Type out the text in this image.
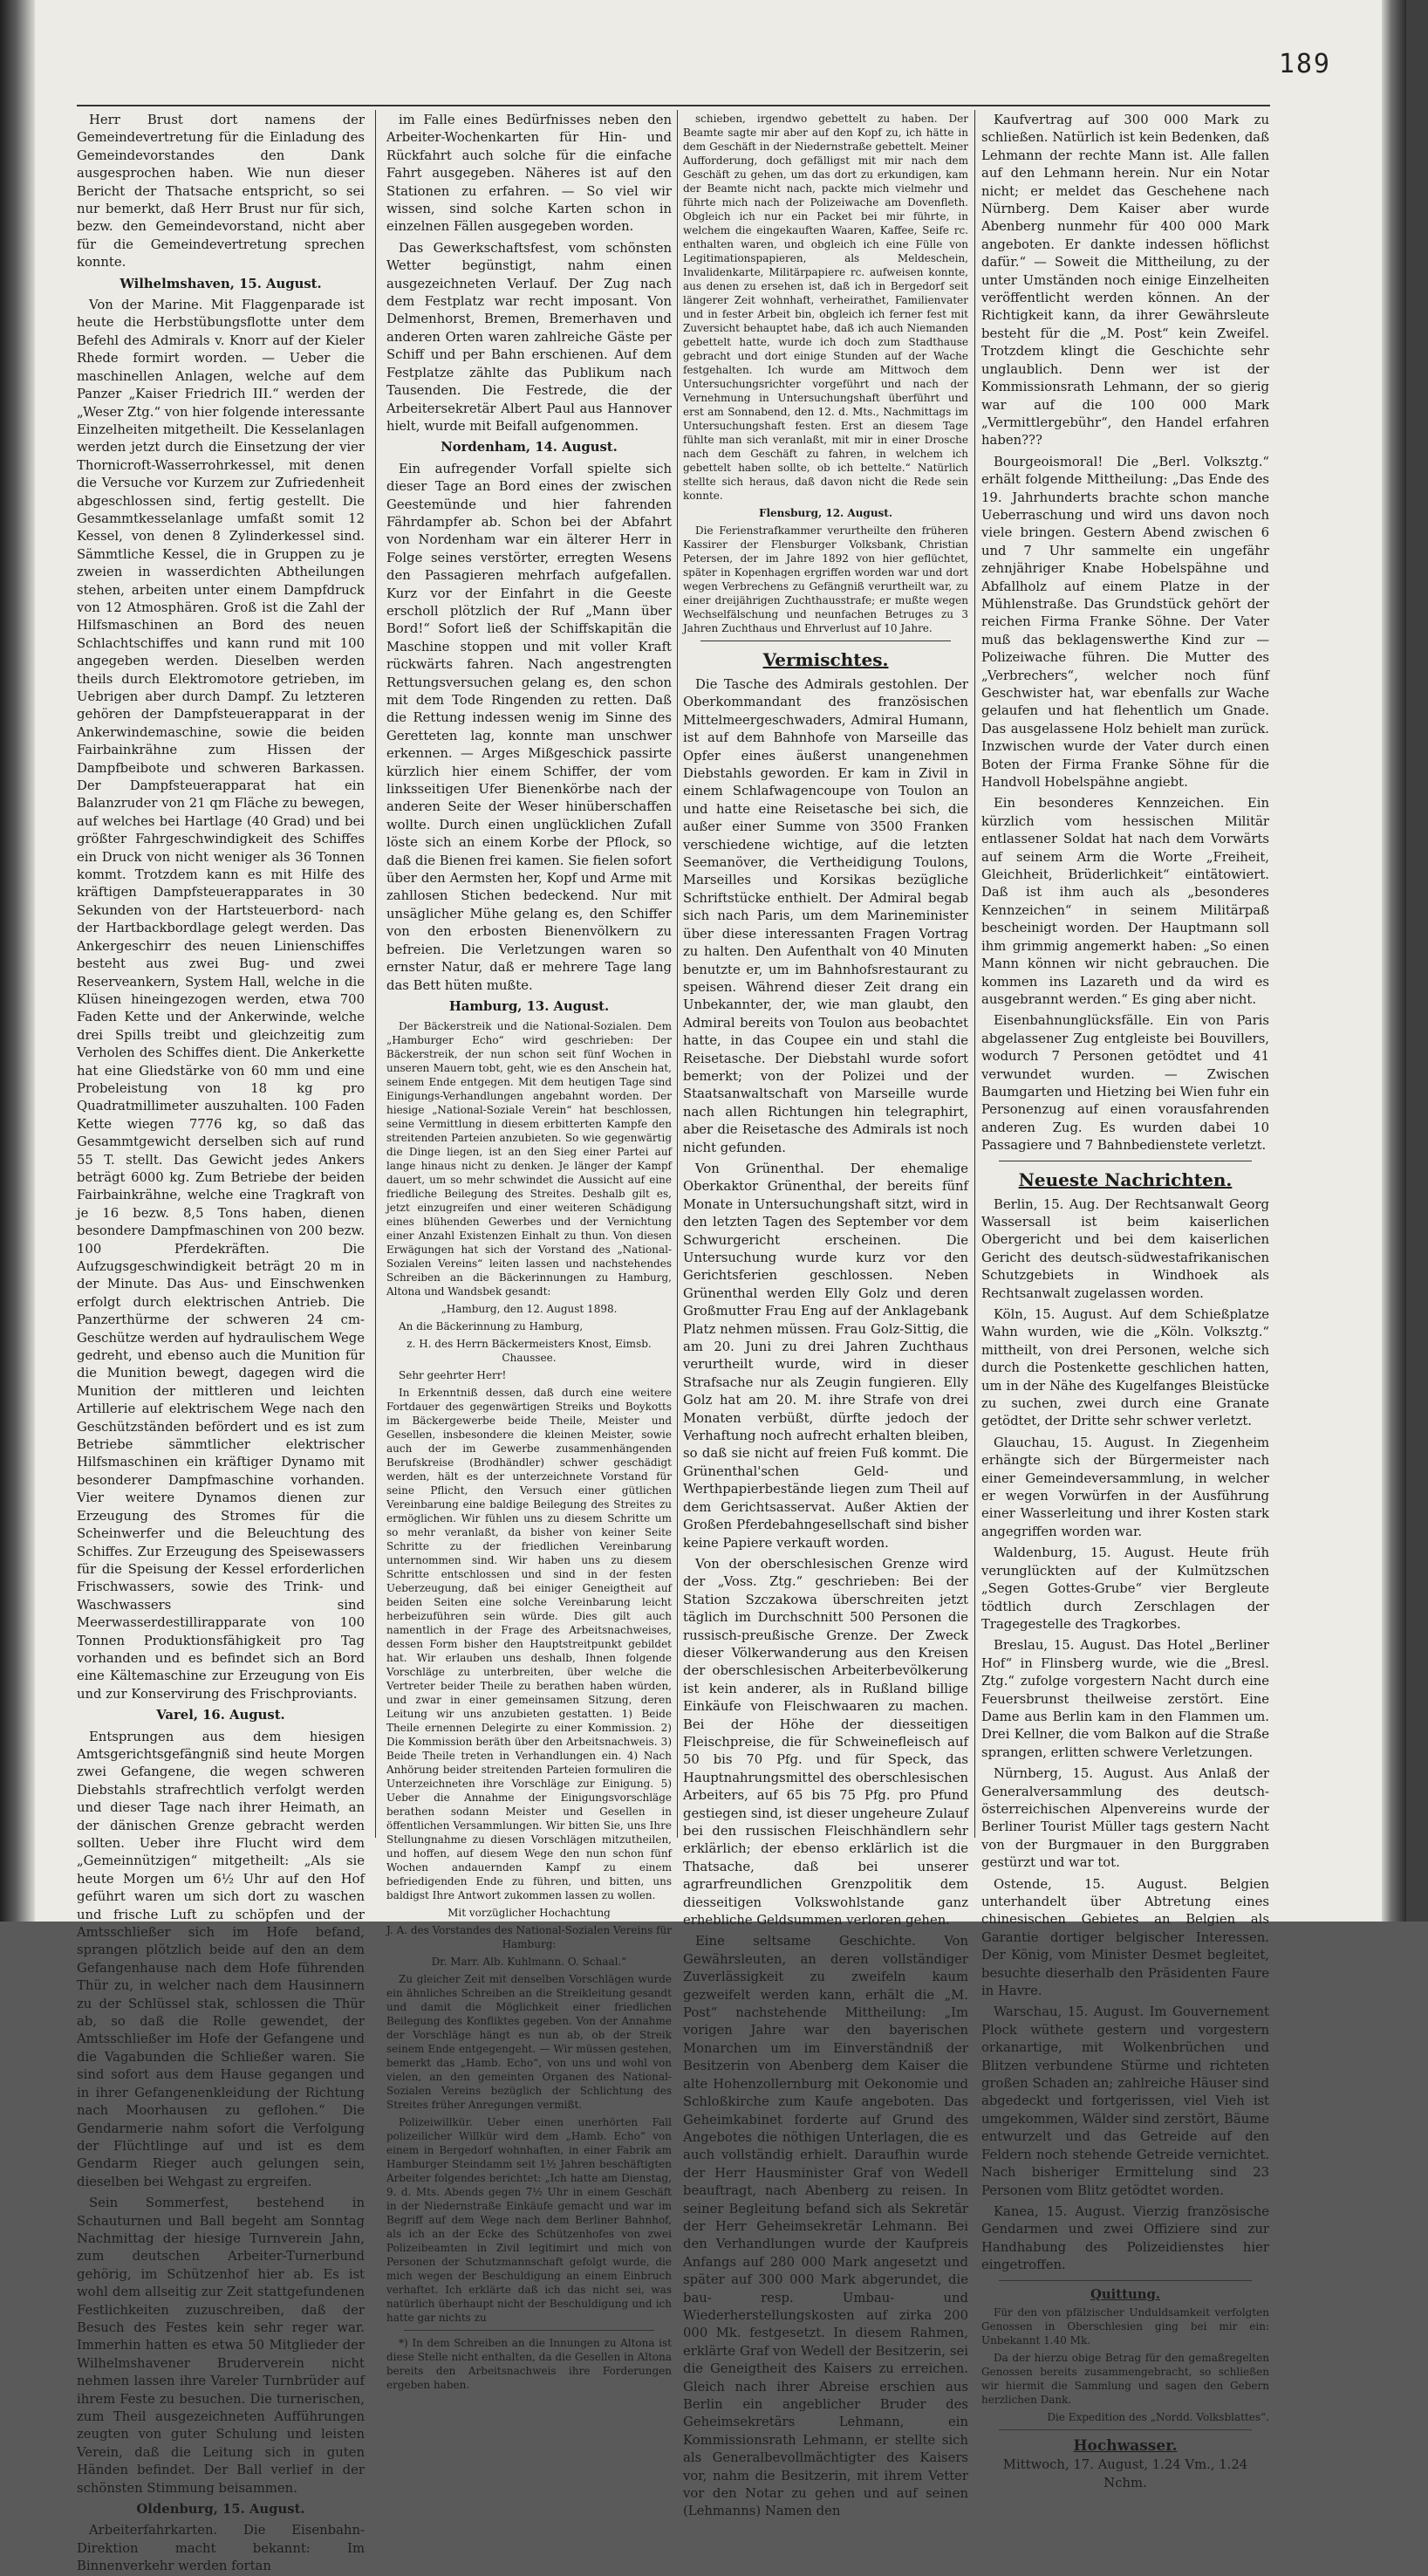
189

Herr Brust dort namens der Gemeindevertretung für die Einladung des Gemeindevorstandes den Dank ausgesprochen haben. Wie nun dieser Bericht der Thatsache entspricht, so sei nur bemerkt, daß Herr Brust nur für sich, bezw. den Gemeindevorstand, nicht aber für die Gemeindevertretung sprechen konnte.

Wilhelmshaven, 15. August.

Von der Marine. Mit Flaggenparade ist heute die Herbstübungsflotte unter dem Befehl des Admirals v. Knorr auf der Kieler Rhede formirt worden. — Ueber die maschinellen Anlagen, welche auf dem Panzer „Kaiser Friedrich III.“ werden der „Weser Ztg.“ von hier folgende interessante Einzelheiten mitgetheilt. Die Kesselanlagen werden jetzt durch die Einsetzung der vier Thornicroft-Wasserrohrkessel, mit denen die Versuche vor Kurzem zur Zufriedenheit abgeschlossen sind, fertig gestellt. Die Gesammtkesselanlage umfaßt somit 12 Kessel, von denen 8 Zylinderkessel sind. Sämmtliche Kessel, die in Gruppen zu je zweien in wasserdichten Abtheilungen stehen, arbeiten unter einem Dampfdruck von 12 Atmosphären. Groß ist die Zahl der Hilfsmaschinen an Bord des neuen Schlachtschiffes und kann rund mit 100 angegeben werden. Dieselben werden theils durch Elektromotore getrieben, im Uebrigen aber durch Dampf. Zu letzteren gehören der Dampfsteuerapparat in der Ankerwindemaschine, sowie die beiden Fairbainkrähne zum Hissen der Dampfbeibote und schweren Barkassen. Der Dampfsteuerapparat hat ein Balanzruder von 21 qm Fläche zu bewegen, auf welches bei Hartlage (40 Grad) und bei größter Fahrgeschwindigkeit des Schiffes ein Druck von nicht weniger als 36 Tonnen kommt. Trotzdem kann es mit Hilfe des kräftigen Dampfsteuerapparates in 30 Sekunden von der Hartsteuerbord- nach der Hartbackbordlage gelegt werden. Das Ankergeschirr des neuen Linienschiffes besteht aus zwei Bug- und zwei Reserveankern, System Hall, welche in die Klüsen hineingezogen werden, etwa 700 Faden Kette und der Ankerwinde, welche drei Spills treibt und gleichzeitig zum Verholen des Schiffes dient. Die Ankerkette hat eine Gliedstärke von 60 mm und eine Probeleistung von 18 kg pro Quadratmillimeter auszuhalten. 100 Faden Kette wiegen 7776 kg, so daß das Gesammtgewicht derselben sich auf rund 55 T. stellt. Das Gewicht jedes Ankers beträgt 6000 kg. Zum Betriebe der beiden Fairbainkrähne, welche eine Tragkraft von je 16 bezw. 8,5 Tons haben, dienen besondere Dampfmaschinen von 200 bezw. 100 Pferdekräften. Die Aufzugsgeschwindigkeit beträgt 20 m in der Minute. Das Aus- und Einschwenken erfolgt durch elektrischen Antrieb. Die Panzerthürme der schweren 24 cm-Geschütze werden auf hydraulischem Wege gedreht, und ebenso auch die Munition für die Munition bewegt, dagegen wird die Munition der mittleren und leichten Artillerie auf elektrischem Wege nach den Geschützständen befördert und es ist zum Betriebe sämmtlicher elektrischer Hilfsmaschinen ein kräftiger Dynamo mit besonderer Dampfmaschine vorhanden. Vier weitere Dynamos dienen zur Erzeugung des Stromes für die Scheinwerfer und die Beleuchtung des Schiffes. Zur Erzeugung des Speisewassers für die Speisung der Kessel erforderlichen Frischwassers, sowie des Trink- und Waschwassers sind Meerwasserdestillirapparate von 100 Tonnen Produktionsfähigkeit pro Tag vorhanden und es befindet sich an Bord eine Kältemaschine zur Erzeugung von Eis und zur Konservirung des Frischproviants.

Varel, 16. August.

Entsprungen aus dem hiesigen Amtsgerichtsgefängniß sind heute Morgen zwei Gefangene, die wegen schweren Diebstahls strafrechtlich verfolgt werden und dieser Tage nach ihrer Heimath, an der dänischen Grenze gebracht werden sollten. Ueber ihre Flucht wird dem „Gemeinnützigen“ mitgetheilt: „Als sie heute Morgen um 6½ Uhr auf den Hof geführt waren um sich dort zu waschen und frische Luft zu schöpfen und der Amtsschließer sich im Hofe befand, sprangen plötzlich beide auf den an dem Gefangenhause nach dem Hofe führenden Thür zu, in welcher nach dem Hausinnern zu der Schlüssel stak, schlossen die Thür ab, so daß die Rolle gewendet, der Amtsschließer im Hofe der Gefangene und die Vagabunden die Schließer waren. Sie sind sofort aus dem Hause gegangen und in ihrer Gefangenenkleidung der Richtung nach Moorhausen zu geflohen.“ Die Gendarmerie nahm sofort die Verfolgung der Flüchtlinge auf und ist es dem Gendarm Rieger auch gelungen sein, dieselben bei Wehgast zu ergreifen.

Sein Sommerfest, bestehend in Schauturnen und Ball begeht am Sonntag Nachmittag der hiesige Turnverein Jahn, zum deutschen Arbeiter-Turnerbund gehörig, im Schützenhof hier ab. Es ist wohl dem allseitig zur Zeit stattgefundenen Festlichkeiten zuzuschreiben, daß der Besuch des Festes kein sehr reger war. Immerhin hatten es etwa 50 Mitglieder der Wilhelmshavener Bruderverein nicht nehmen lassen ihre Vareler Turnbrüder auf ihrem Feste zu besuchen. Die turnerischen, zum Theil ausgezeichneten Aufführungen zeugten von guter Schulung und leisten Verein, daß die Leitung sich in guten Händen befindet. Der Ball verlief in der schönsten Stimmung beisammen.

Oldenburg, 15. August.

Arbeiterfahrkarten. Die Eisenbahn-Direktion macht bekannt: Im Binnenverkehr werden fortan

im Falle eines Bedürfnisses neben den Arbeiter-Wochenkarten für Hin- und Rückfahrt auch solche für die einfache Fahrt ausgegeben. Näheres ist auf den Stationen zu erfahren. — So viel wir wissen, sind solche Karten schon in einzelnen Fällen ausgegeben worden.

Das Gewerkschaftsfest, vom schönsten Wetter begünstigt, nahm einen ausgezeichneten Verlauf. Der Zug nach dem Festplatz war recht imposant. Von Delmenhorst, Bremen, Bremerhaven und anderen Orten waren zahlreiche Gäste per Schiff und per Bahn erschienen. Auf dem Festplatze zählte das Publikum nach Tausenden. Die Festrede, die der Arbeitersekretär Albert Paul aus Hannover hielt, wurde mit Beifall aufgenommen.

Nordenham, 14. August.

Ein aufregender Vorfall spielte sich dieser Tage an Bord eines der zwischen Geestemünde und hier fahrenden Fährdampfer ab. Schon bei der Abfahrt von Nordenham war ein älterer Herr in Folge seines verstörter, erregten Wesens den Passagieren mehrfach aufgefallen. Kurz vor der Einfahrt in die Geeste erscholl plötzlich der Ruf „Mann über Bord!“ Sofort ließ der Schiffskapitän die Maschine stoppen und mit voller Kraft rückwärts fahren. Nach angestrengten Rettungsversuchen gelang es, den schon mit dem Tode Ringenden zu retten. Daß die Rettung indessen wenig im Sinne des Geretteten lag, konnte man unschwer erkennen. — Arges Mißgeschick passirte kürzlich hier einem Schiffer, der vom linksseitigen Ufer Bienenkörbe nach der anderen Seite der Weser hinüberschaffen wollte. Durch einen unglücklichen Zufall löste sich an einem Korbe der Pflock, so daß die Bienen frei kamen. Sie fielen sofort über den Aermsten her, Kopf und Arme mit zahllosen Stichen bedeckend. Nur mit unsäglicher Mühe gelang es, den Schiffer von den erbosten Bienenvölkern zu befreien. Die Verletzungen waren so ernster Natur, daß er mehrere Tage lang das Bett hüten mußte.

Hamburg, 13. August.

Der Bäckerstreik und die National-Sozialen. Dem „Hamburger Echo“ wird geschrieben: Der Bäckerstreik, der nun schon seit fünf Wochen in unseren Mauern tobt, geht, wie es den Anschein hat, seinem Ende entgegen. Mit dem heutigen Tage sind Einigungs-Verhandlungen angebahnt worden. Der hiesige „National-Soziale Verein“ hat beschlossen, seine Vermittlung in diesem erbitterten Kampfe den streitenden Parteien anzubieten. So wie gegenwärtig die Dinge liegen, ist an den Sieg einer Partei auf lange hinaus nicht zu denken. Je länger der Kampf dauert, um so mehr schwindet die Aussicht auf eine friedliche Beilegung des Streites. Deshalb gilt es, jetzt einzugreifen und einer weiteren Schädigung eines blühenden Gewerbes und der Vernichtung einer Anzahl Existenzen Einhalt zu thun. Von diesen Erwägungen hat sich der Vorstand des „National-Sozialen Vereins“ leiten lassen und nachstehendes Schreiben an die Bäckerinnungen zu Hamburg, Altona und Wandsbek gesandt:

„Hamburg, den 12. August 1898.

An die Bäckerinnung zu Hamburg,

z. H. des Herrn Bäckermeisters Knost, Eimsb. Chaussee.

Sehr geehrter Herr!

In Erkenntniß dessen, daß durch eine weitere Fortdauer des gegenwärtigen Streiks und Boykotts im Bäckergewerbe beide Theile, Meister und Gesellen, insbesondere die kleinen Meister, sowie auch der im Gewerbe zusammenhängenden Berufskreise (Brodhändler) schwer geschädigt werden, hält es der unterzeichnete Vorstand für seine Pflicht, den Versuch einer gütlichen Vereinbarung eine baldige Beilegung des Streites zu ermöglichen. Wir fühlen uns zu diesem Schritte um so mehr veranlaßt, da bisher von keiner Seite Schritte zu der friedlichen Vereinbarung unternommen sind. Wir haben uns zu diesem Schritte entschlossen und sind in der festen Ueberzeugung, daß bei einiger Geneigtheit auf beiden Seiten eine solche Vereinbarung leicht herbeizuführen sein würde. Dies gilt auch namentlich in der Frage des Arbeitsnachweises, dessen Form bisher den Hauptstreitpunkt gebildet hat. Wir erlauben uns deshalb, Ihnen folgende Vorschläge zu unterbreiten, über welche die Vertreter beider Theile zu berathen haben würden, und zwar in einer gemeinsamen Sitzung, deren Leitung wir uns anzubieten gestatten. 1) Beide Theile ernennen Delegirte zu einer Kommission. 2) Die Kommission beräth über den Arbeitsnachweis. 3) Beide Theile treten in Verhandlungen ein. 4) Nach Anhörung beider streitenden Parteien formuliren die Unterzeichneten ihre Vorschläge zur Einigung. 5) Ueber die Annahme der Einigungsvorschläge berathen sodann Meister und Gesellen in öffentlichen Versammlungen. Wir bitten Sie, uns Ihre Stellungnahme zu diesen Vorschlägen mitzutheilen, und hoffen, auf diesem Wege den nun schon fünf Wochen andauernden Kampf zu einem befriedigenden Ende zu führen, und bitten, uns baldigst Ihre Antwort zukommen lassen zu wollen.

Mit vorzüglicher Hochachtung

J. A. des Vorstandes des National-Sozialen Vereins für Hamburg:

Dr. Marr. Alb. Kuhlmann. O. Schaal.“

Zu gleicher Zeit mit denselben Vorschlägen wurde ein ähnliches Schreiben an die Streikleitung gesandt und damit die Möglichkeit einer friedlichen Beilegung des Konfliktes gegeben. Von der Annahme der Vorschläge hängt es nun ab, ob der Streik seinem Ende entgegengeht. — Wir müssen gestehen, bemerkt das „Hamb. Echo“, von uns und wohl von vielen, an den gemeinten Organen des National-Sozialen Vereins bezüglich der Schlichtung des Streites früher Anregungen vermißt.

Polizeiwillkür. Ueber einen unerhörten Fall polizeilicher Willkür wird dem „Hamb. Echo“ von einem in Bergedorf wohnhaften, in einer Fabrik am Hamburger Steindamm seit 1½ Jahren beschäftigten Arbeiter folgendes berichtet: „Ich hatte am Dienstag, 9. d. Mts. Abends gegen 7½ Uhr in einem Geschäft in der Niedernstraße Einkäufe gemacht und war im Begriff auf dem Wege nach dem Berliner Bahnhof, als ich an der Ecke des Schützenhofes von zwei Polizeibeamten in Zivil legitimirt und mich von Personen der Schutzmannschaft gefolgt wurde, die mich wegen der Beschuldigung an einem Einbruch verhaftet. Ich erklärte daß ich das nicht sei, was natürlich überhaupt nicht der Beschuldigung und ich hatte gar nichts zu

*) In dem Schreiben an die Innungen zu Altona ist diese Stelle nicht enthalten, da die Gesellen in Altona bereits den Arbeitsnachweis ihre Forderungen ergeben haben.

schieben, irgendwo gebettelt zu haben. Der Beamte sagte mir aber auf den Kopf zu, ich hätte in dem Geschäft in der Niedernstraße gebettelt. Meiner Aufforderung, doch gefälligst mit mir nach dem Geschäft zu gehen, um das dort zu erkundigen, kam der Beamte nicht nach, packte mich vielmehr und führte mich nach der Polizeiwache am Dovenfleth. Obgleich ich nur ein Packet bei mir führte, in welchem die eingekauften Waaren, Kaffee, Seife rc. enthalten waren, und obgleich ich eine Fülle von Legitimationspapieren, als Meldeschein, Invalidenkarte, Militärpapiere rc. aufweisen konnte, aus denen zu ersehen ist, daß ich in Bergedorf seit längerer Zeit wohnhaft, verheirathet, Familienvater und in fester Arbeit bin, obgleich ich ferner fest mit Zuversicht behauptet habe, daß ich auch Niemanden gebettelt hatte, wurde ich doch zum Stadthause gebracht und dort einige Stunden auf der Wache festgehalten. Ich wurde am Mittwoch dem Untersuchungsrichter vorgeführt und nach der Vernehmung in Untersuchungshaft überführt und erst am Sonnabend, den 12. d. Mts., Nachmittags im Untersuchungshaft festen. Erst an diesem Tage fühlte man sich veranlaßt, mit mir in einer Drosche nach dem Geschäft zu fahren, in welchem ich gebettelt haben sollte, ob ich bettelte.“ Natürlich stellte sich heraus, daß davon nicht die Rede sein konnte.

Flensburg, 12. August.

Die Ferienstrafkammer verurtheilte den früheren Kassirer der Flensburger Volksbank, Christian Petersen, der im Jahre 1892 von hier geflüchtet, später in Kopenhagen ergriffen worden war und dort wegen Verbrechens zu Gefängniß verurtheilt war, zu einer dreijährigen Zuchthausstrafe; er mußte wegen Wechselfälschung und neunfachen Betruges zu 3 Jahren Zuchthaus und Ehrverlust auf 10 Jahre.

Vermischtes.

Die Tasche des Admirals gestohlen. Der Oberkommandant des französischen Mittelmeergeschwaders, Admiral Humann, ist auf dem Bahnhofe von Marseille das Opfer eines äußerst unangenehmen Diebstahls geworden. Er kam in Zivil in einem Schlafwagencoupe von Toulon an und hatte eine Reisetasche bei sich, die außer einer Summe von 3500 Franken verschiedene wichtige, auf die letzten Seemanöver, die Vertheidigung Toulons, Marseilles und Korsikas bezügliche Schriftstücke enthielt. Der Admiral begab sich nach Paris, um dem Marineminister über diese interessanten Fragen Vortrag zu halten. Den Aufenthalt von 40 Minuten benutzte er, um im Bahnhofsrestaurant zu speisen. Während dieser Zeit drang ein Unbekannter, der, wie man glaubt, den Admiral bereits von Toulon aus beobachtet hatte, in das Coupee ein und stahl die Reisetasche. Der Diebstahl wurde sofort bemerkt; von der Polizei und der Staatsanwaltschaft von Marseille wurde nach allen Richtungen hin telegraphirt, aber die Reisetasche des Admirals ist noch nicht gefunden.

Von Grünenthal. Der ehemalige Oberkaktor Grünenthal, der bereits fünf Monate in Untersuchungshaft sitzt, wird in den letzten Tagen des September vor dem Schwurgericht erscheinen. Die Untersuchung wurde kurz vor den Gerichtsferien geschlossen. Neben Grünenthal werden Elly Golz und deren Großmutter Frau Eng auf der Anklagebank Platz nehmen müssen. Frau Golz-Sittig, die am 20. Juni zu drei Jahren Zuchthaus verurtheilt wurde, wird in dieser Strafsache nur als Zeugin fungieren. Elly Golz hat am 20. M. ihre Strafe von drei Monaten verbüßt, dürfte jedoch der Verhaftung noch aufrecht erhalten bleiben, so daß sie nicht auf freien Fuß kommt. Die Grünenthal'schen Geld- und Werthpapierbestände liegen zum Theil auf dem Gerichtsasservat. Außer Aktien der Großen Pferdebahngesellschaft sind bisher keine Papiere verkauft worden.

Von der oberschlesischen Grenze wird der „Voss. Ztg.“ geschrieben: Bei der Station Szczakowa überschreiten jetzt täglich im Durchschnitt 500 Personen die russisch-preußische Grenze. Der Zweck dieser Völkerwanderung aus den Kreisen der oberschlesischen Arbeiterbevölkerung ist kein anderer, als in Rußland billige Einkäufe von Fleischwaaren zu machen. Bei der Höhe der diesseitigen Fleischpreise, die für Schweinefleisch auf 50 bis 70 Pfg. und für Speck, das Hauptnahrungsmittel des oberschlesischen Arbeiters, auf 65 bis 75 Pfg. pro Pfund gestiegen sind, ist dieser ungeheure Zulauf bei den russischen Fleischhändlern sehr erklärlich; der ebenso erklärlich ist die Thatsache, daß bei unserer agrarfreundlichen Grenzpolitik dem diesseitigen Volkswohlstande ganz erhebliche Geldsummen verloren gehen.

Eine seltsame Geschichte. Von Gewährsleuten, an deren vollständiger Zuverlässigkeit zu zweifeln kaum gezweifelt werden kann, erhält die „M. Post“ nachstehende Mittheilung: „Im vorigen Jahre war den bayerischen Monarchen um im Einverständniß der Besitzerin von Abenberg dem Kaiser die alte Hohenzollernburg mit Oekonomie und Schloßkirche zum Kaufe angeboten. Das Geheimkabinet forderte auf Grund des Angebotes die nöthigen Unterlagen, die es auch vollständig erhielt. Daraufhin wurde der Herr Hausminister Graf von Wedell beauftragt, nach Abenberg zu reisen. In seiner Begleitung befand sich als Sekretär der Herr Geheimsekretär Lehmann. Bei den Verhandlungen wurde der Kaufpreis Anfangs auf 280 000 Mark angesetzt und später auf 300 000 Mark abgerundet, die bau- resp. Umbau- und Wiederherstellungskosten auf zirka 200 000 Mk. festgesetzt. In diesem Rahmen, erklärte Graf von Wedell der Besitzerin, sei die Geneigtheit des Kaisers zu erreichen. Gleich nach ihrer Abreise erschien aus Berlin ein angeblicher Bruder des Geheimsekretärs Lehmann, ein Kommissionsrath Lehmann, er stellte sich als Generalbevollmächtigter des Kaisers vor, nahm die Besitzerin, mit ihrem Vetter vor den Notar zu gehen und auf seinen (Lehmanns) Namen den

Kaufvertrag auf 300 000 Mark zu schließen. Natürlich ist kein Bedenken, daß Lehmann der rechte Mann ist. Alle fallen auf den Lehmann herein. Nur ein Notar nicht; er meldet das Geschehene nach Nürnberg. Dem Kaiser aber wurde Abenberg nunmehr für 400 000 Mark angeboten. Er dankte indessen höflichst dafür.“ — Soweit die Mittheilung, zu der unter Umständen noch einige Einzelheiten veröffentlicht werden können. An der Richtigkeit kann, da ihrer Gewährsleute besteht für die „M. Post“ kein Zweifel. Trotzdem klingt die Geschichte sehr unglaublich. Denn wer ist der Kommissionsrath Lehmann, der so gierig war auf die 100 000 Mark „Vermittlergebühr“, den Handel erfahren haben???

Bourgeoismoral! Die „Berl. Volksztg.“ erhält folgende Mittheilung: „Das Ende des 19. Jahrhunderts brachte schon manche Ueberraschung und wird uns davon noch viele bringen. Gestern Abend zwischen 6 und 7 Uhr sammelte ein ungefähr zehnjähriger Knabe Hobelspähne und Abfallholz auf einem Platze in der Mühlenstraße. Das Grundstück gehört der reichen Firma Franke Söhne. Der Vater muß das beklagenswerthe Kind zur — Polizeiwache führen. Die Mutter des „Verbrechers“, welcher noch fünf Geschwister hat, war ebenfalls zur Wache gelaufen und hat flehentlich um Gnade. Das ausgelassene Holz behielt man zurück. Inzwischen wurde der Vater durch einen Boten der Firma Franke Söhne für die Handvoll Hobelspähne angiebt.

Ein besonderes Kennzeichen. Ein kürzlich vom hessischen Militär entlassener Soldat hat nach dem Vorwärts auf seinem Arm die Worte „Freiheit, Gleichheit, Brüderlichkeit“ eintätowiert. Daß ist ihm auch als „besonderes Kennzeichen“ in seinem Militärpaß bescheinigt worden. Der Hauptmann soll ihm grimmig angemerkt haben: „So einen Mann können wir nicht gebrauchen. Die kommen ins Lazareth und da wird es ausgebrannt werden.“ Es ging aber nicht.

Eisenbahnunglücksfälle. Ein von Paris abgelassener Zug entgleiste bei Bouvillers, wodurch 7 Personen getödtet und 41 verwundet wurden. — Zwischen Baumgarten und Hietzing bei Wien fuhr ein Personenzug auf einen vorausfahrenden anderen Zug. Es wurden dabei 10 Passagiere und 7 Bahnbedienstete verletzt.

Neueste Nachrichten.

Berlin, 15. Aug. Der Rechtsanwalt Georg Wassersall ist beim kaiserlichen Obergericht und bei dem kaiserlichen Gericht des deutsch-südwestafrikanischen Schutzgebiets in Windhoek als Rechtsanwalt zugelassen worden.

Köln, 15. August. Auf dem Schießplatze Wahn wurden, wie die „Köln. Volksztg.“ mittheilt, von drei Personen, welche sich durch die Postenkette geschlichen hatten, um in der Nähe des Kugelfanges Bleistücke zu suchen, zwei durch eine Granate getödtet, der Dritte sehr schwer verletzt.

Glauchau, 15. August. In Ziegenheim erhängte sich der Bürgermeister nach einer Gemeindeversammlung, in welcher er wegen Vorwürfen in der Ausführung einer Wasserleitung und ihrer Kosten stark angegriffen worden war.

Waldenburg, 15. August. Heute früh verunglückten auf der Kulmützschen „Segen Gottes-Grube“ vier Bergleute tödtlich durch Zerschlagen der Tragegestelle des Tragkorbes.

Breslau, 15. August. Das Hotel „Berliner Hof“ in Flinsberg wurde, wie die „Bresl. Ztg.“ zufolge vorgestern Nacht durch eine Feuersbrunst theilweise zerstört. Eine Dame aus Berlin kam in den Flammen um. Drei Kellner, die vom Balkon auf die Straße sprangen, erlitten schwere Verletzungen.

Nürnberg, 15. August. Aus Anlaß der Generalversammlung des deutsch-österreichischen Alpenvereins wurde der Berliner Tourist Müller tags gestern Nacht von der Burgmauer in den Burggraben gestürzt und war tot.

Ostende, 15. August. Belgien unterhandelt über Abtretung eines chinesischen Gebietes an Belgien als Garantie dortiger belgischer Interessen. Der König, vom Minister Desmet begleitet, besuchte dieserhalb den Präsidenten Faure in Havre.

Warschau, 15. August. Im Gouvernement Plock wüthete gestern und vorgestern orkanartige, mit Wolkenbrüchen und Blitzen verbundene Stürme und richteten großen Schaden an; zahlreiche Häuser sind abgedeckt und fortgerissen, viel Vieh ist umgekommen, Wälder sind zerstört, Bäume entwurzelt und das Getreide auf den Feldern noch stehende Getreide vernichtet. Nach bisheriger Ermittelung sind 23 Personen vom Blitz getödtet worden.

Kanea, 15. August. Vierzig französische Gendarmen und zwei Offiziere sind zur Handhabung des Polizeidienstes hier eingetroffen.

Quittung.

Für den von pfälzischer Unduldsamkeit verfolgten Genossen in Oberschlesien ging bei mir ein: Unbekannt 1.40 Mk.

Da der hierzu obige Betrag für den gemaßregelten Genossen bereits zusammengebracht, so schließen wir hiermit die Sammlung und sagen den Gebern herzlichen Dank.

Die Expedition des „Nordd. Volksblattes“.

Hochwasser.

Mittwoch, 17. August, 1.24 Vm., 1.24 Nchm.
